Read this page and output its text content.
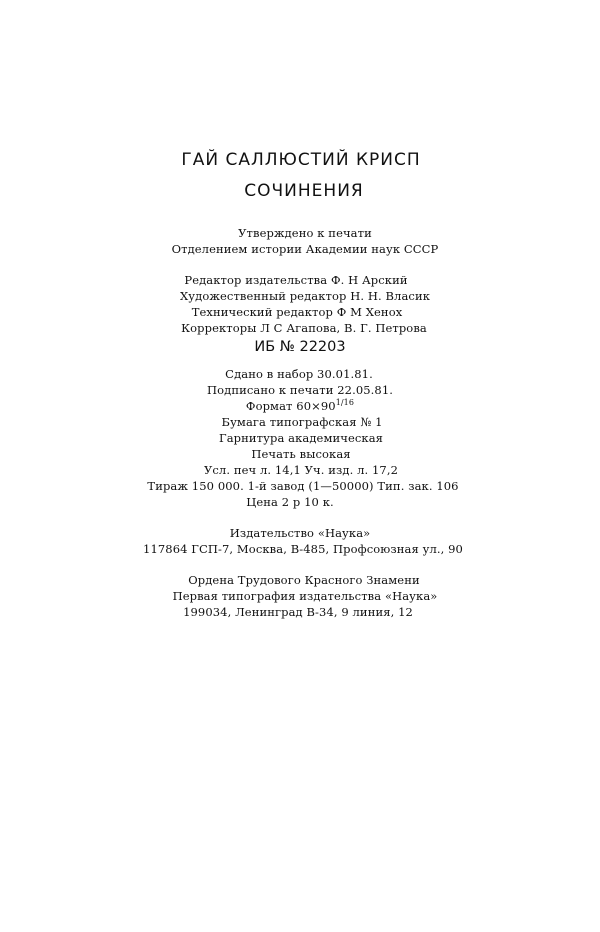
ГАЙ САЛЛЮСТИЙ КРИСП
СОЧИНЕНИЯ
Утверждено к печати
Отделением истории Академии наук СССР
Редактор издательства Ф. Н Арский
Художественный редактор Н. Н. Власик
Технический редактор Ф М Хенох
Корректоры Л С Агапова, В. Г. Петрова
ИБ № 22203
Сдано в набор 30.01.81.
Подписано к печати 22.05.81.
Формат $60\times 90^{1/16}$
Бумага типографская № 1
Гарнитура академическая
Печать высокая
Усл. печ л. 14,1 Уч. изд. л. 17,2
Тираж 150 000. 1-й завод (1—50000) Тип. зак. 106
Цена 2 р 10 к.
Издательство «Наука»
117864 ГСП-7, Москва, В-485, Профсоюзная ул., 90
Ордена Трудового Красного Знамени
Первая типография издательства «Наука»
199034, Ленинград В-34, 9 линия, 12
